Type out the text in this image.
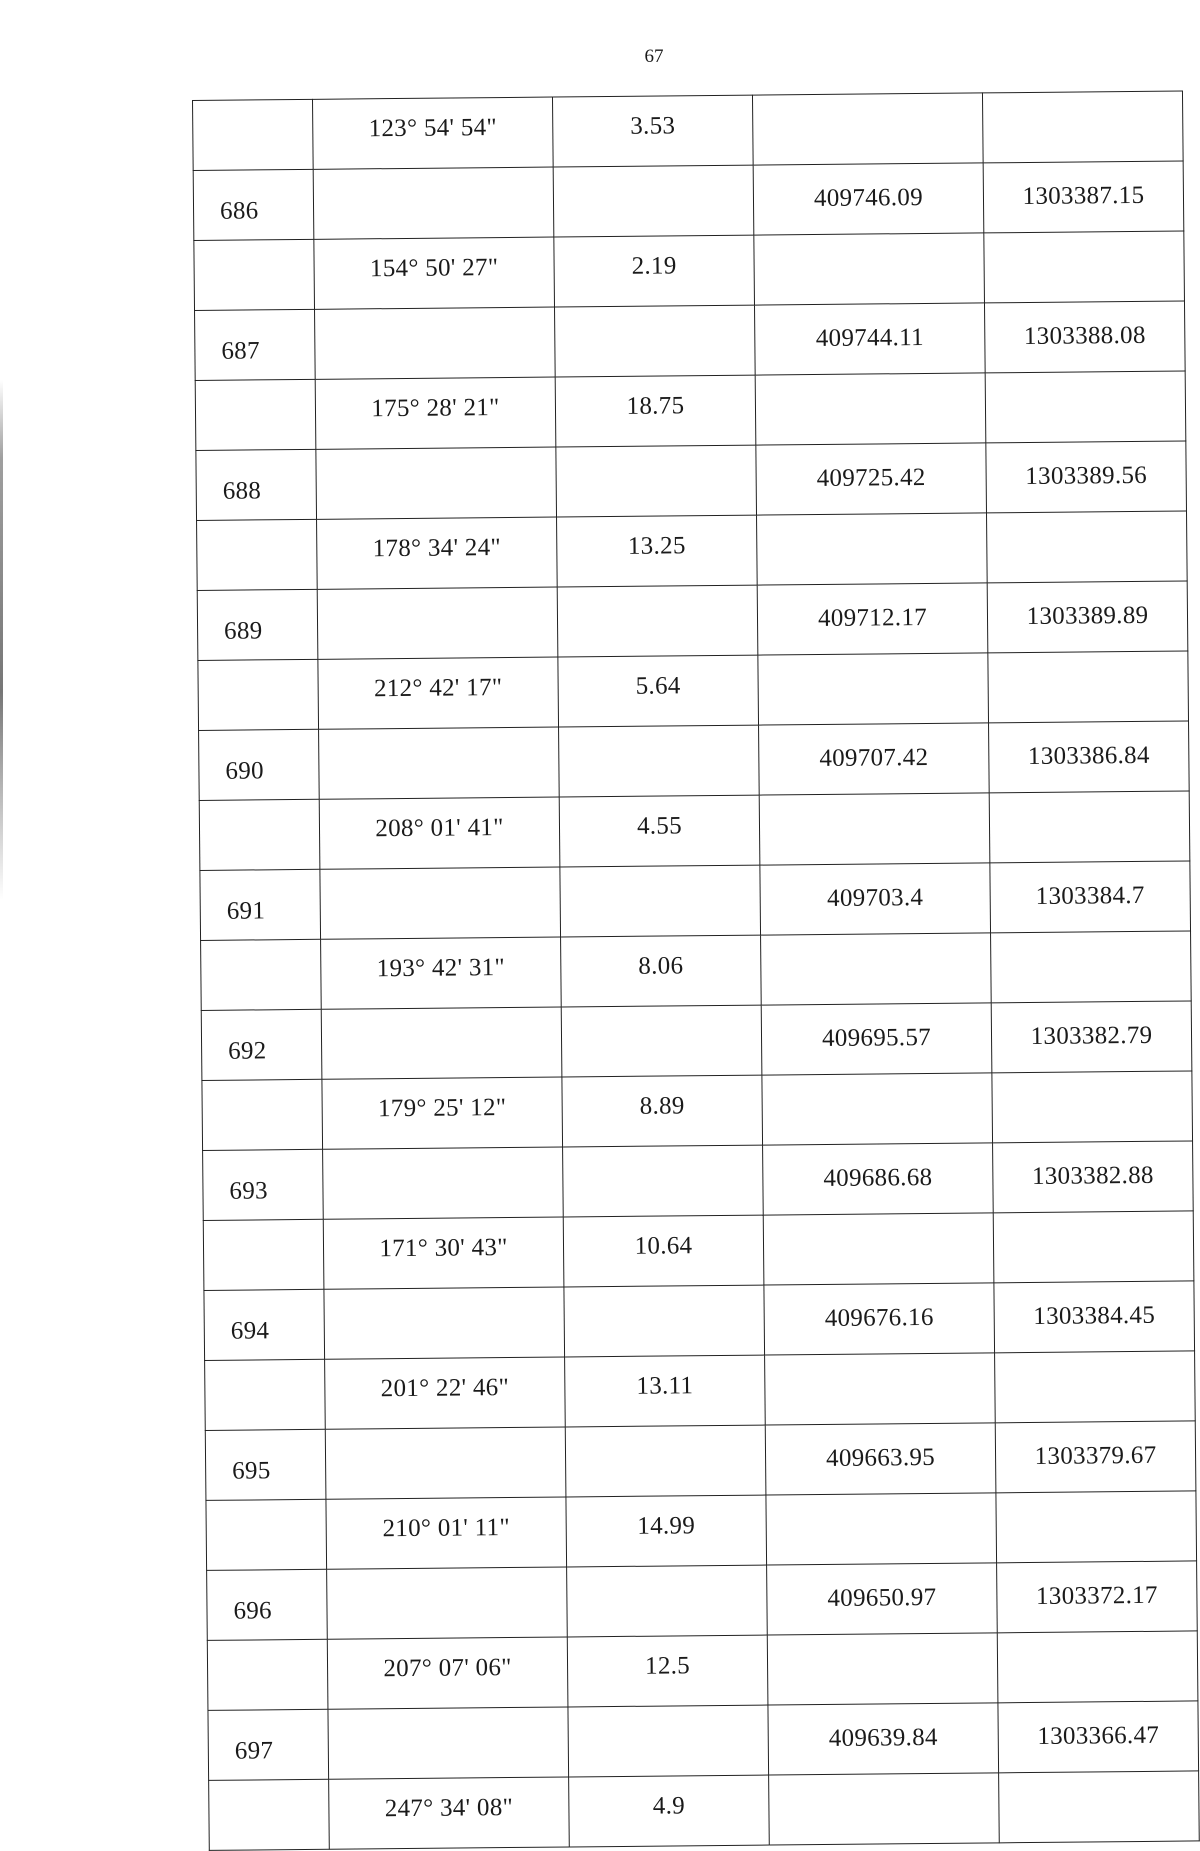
67
	123° 54' 54"	3.53		
686			409746.09	1303387.15
	154° 50' 27"	2.19		
687			409744.11	1303388.08
	175° 28' 21"	18.75		
688			409725.42	1303389.56
	178° 34' 24"	13.25		
689			409712.17	1303389.89
	212° 42' 17"	5.64		
690			409707.42	1303386.84
	208° 01' 41"	4.55		
691			409703.4	1303384.7
	193° 42' 31"	8.06		
692			409695.57	1303382.79
	179° 25' 12"	8.89		
693			409686.68	1303382.88
	171° 30' 43"	10.64		
694			409676.16	1303384.45
	201° 22' 46"	13.11		
695			409663.95	1303379.67
	210° 01' 11"	14.99		
696			409650.97	1303372.17
	207° 07' 06"	12.5		
697			409639.84	1303366.47
	247° 34' 08"	4.9		
